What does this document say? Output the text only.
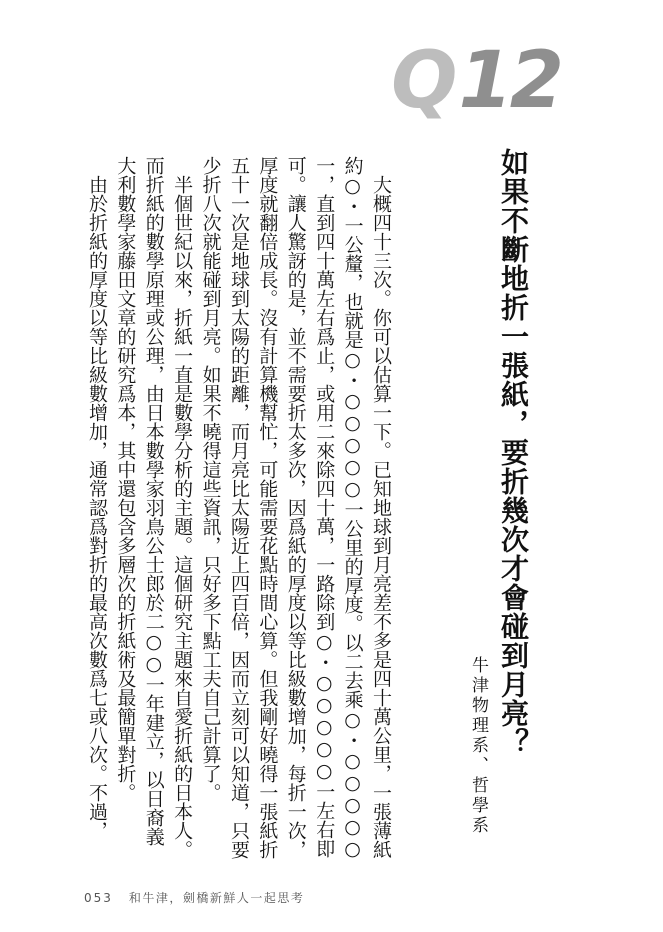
Q12
如果不斷地折一張紙，要折幾次才會碰到月亮？
牛津物理系、哲學系

大概四十三次。你可以估算一下。已知地球到月亮差不多是四十萬公里，一張薄紙約○・一公釐，也就是○・○○○○○一公里的厚度。以二去乘○・○○○○○一，直到四十萬左右爲止，或用二來除四十萬，一路除到○・○○○○○一左右即可。讓人驚訝的是，並不需要折太多次，因爲紙的厚度以等比級數增加，每折一次，厚度就翻倍成長。沒有計算機幫忙，可能需要花點時間心算。但我剛好曉得一張紙折五十一次是地球到太陽的距離，而月亮比太陽近上四百倍，因而立刻可以知道，只要少折八次就能碰到月亮。如果不曉得這些資訊，只好多下點工夫自己計算了。

半個世紀以來，折紙一直是數學分析的主題。這個研究主題來自愛折紙的日本人。而折紙的數學原理或公理，由日本數學家羽鳥公士郎於二○○一年建立，以日裔義大利數學家藤田文章的研究爲本，其中還包含多層次的折紙術及最簡單對折。

由於折紙的厚度以等比級數增加，通常認爲對折的最高次數爲七或八次。不過，

053 和牛津，劍橋新鮮人一起思考
